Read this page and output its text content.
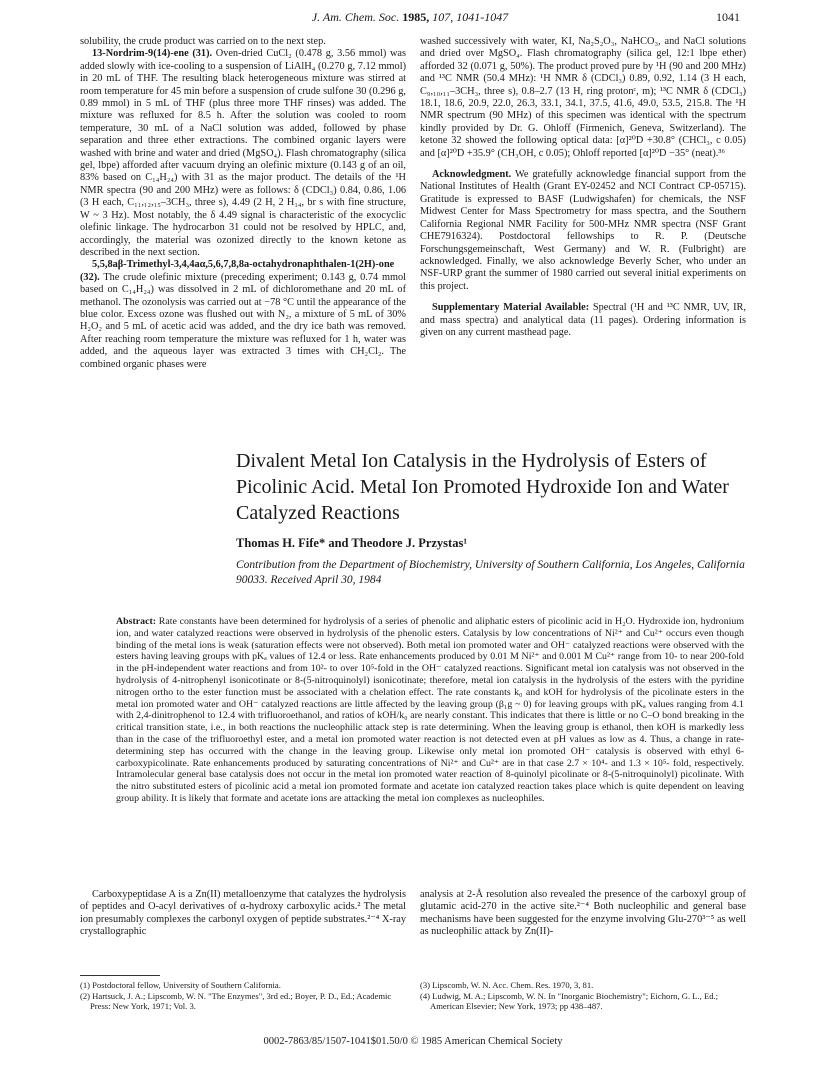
J. Am. Chem. Soc. 1985, 107, 1041-1047	1041

solubility, the crude product was carried on to the next step.

13-Nordrim-9(14)-ene (31). Oven-dried CuCl₂ (0.478 g, 3.56 mmol) was added slowly with ice-cooling to a suspension of LiAlH₄ (0.270 g, 7.12 mmol) in 20 mL of THF. The resulting black heterogeneous mixture was stirred at room temperature for 45 min before a suspension of crude sulfone 30 (0.296 g, 0.89 mmol) in 5 mL of THF (plus three more THF rinses) was added. The mixture was refluxed for 8.5 h. After the solution was cooled to room temperature, 30 mL of a NaCl solution was added, followed by phase separation and three ether extractions. The combined organic layers were washed with brine and water and dried (MgSO₄). Flash chromatography (silica gel, lbpe) afforded after vacuum drying an olefinic mixture (0.143 g of an oil, 83% based on C₁₄H₂₄) with 31 as the major product. The details of the ¹H NMR spectra (90 and 200 MHz) were as follows: δ (CDCl₃) 0.84, 0.86, 1.06 (3 H each, C₁₁,₁₂,₁₅–3CH₃, three s), 4.49 (2 H, 2 H₁₄, br s with fine structure, W ~ 3 Hz). Most notably, the δ 4.49 signal is characteristic of the exocyclic olefinic linkage. The hydrocarbon 31 could not be resolved by HPLC, and, accordingly, the material was ozonized directly to the known ketone as described in the next section.

5,5,8aβ-Trimethyl-3,4,4aα,5,6,7,8,8a-octahydronaphthalen-1(2H)-one (32). The crude olefinic mixture (preceding experiment; 0.143 g, 0.74 mmol based on C₁₄H₂₄) was dissolved in 2 mL of dichloromethane and 20 mL of methanol. The ozonolysis was carried out at −78 °C until the appearance of the blue color. Excess ozone was flushed out with N₂, a mixture of 5 mL of 30% H₂O₂ and 5 mL of acetic acid was added, and the dry ice bath was removed. After reaching room temperature the mixture was refluxed for 1 h, water was added, and the aqueous layer was extracted 3 times with CH₂Cl₂. The combined organic phases were

washed successively with water, KI, Na₂S₂O₃, NaHCO₃, and NaCl solutions and dried over MgSO₄. Flash chromatography (silica gel, 12:1 lbpe ether) afforded 32 (0.071 g, 50%). The product proved pure by ¹H (90 and 200 MHz) and ¹³C NMR (50.4 MHz): ¹H NMR δ (CDCl₃) 0.89, 0.92, 1.14 (3 H each, C₉,₁₀,₁₁–3CH₃, three s), 0.8–2.7 (13 H, ring protonᶜ, m); ¹³C NMR δ (CDCl₃) 18.1, 18.6, 20.9, 22.0, 26.3, 33.1, 34.1, 37.5, 41.6, 49.0, 53.5, 215.8. The ¹H NMR spectrum (90 MHz) of this specimen was identical with the spectrum kindly provided by Dr. G. Ohloff (Firmenich, Geneva, Switzerland). The ketone 32 showed the following optical data: [α]²⁰D +30.8° (CHCl₃, c 0.05) and [α]²⁰D +35.9° (CH₃OH, c 0.05); Ohloff reported [α]²⁰D −35° (neat).³⁶

Acknowledgment. We gratefully acknowledge financial support from the National Institutes of Health (Grant EY-02452 and NCI Contract CP-05715). Gratitude is expressed to BASF (Ludwigshafen) for chemicals, the NSF Midwest Center for Mass Spectrometry for mass spectra, and the Southern California Regional NMR Facility for 500-MHz NMR spectra (NSF Grant CHE7916324). Postdoctoral fellowships to R. P. (Deutsche Forschungsgemeinschaft, West Germany) and W. R. (Fulbright) are acknowledged. Finally, we also acknowledge Beverly Scher, who under an NSF-URP grant the summer of 1980 carried out several initial experiments on this project.

Supplementary Material Available: Spectral (¹H and ¹³C NMR, UV, IR, and mass spectra) and analytical data (11 pages). Ordering information is given on any current masthead page.

Divalent Metal Ion Catalysis in the Hydrolysis of Esters of Picolinic Acid. Metal Ion Promoted Hydroxide Ion and Water Catalyzed Reactions
Thomas H. Fife* and Theodore J. Przystas¹
Contribution from the Department of Biochemistry, University of Southern California, Los Angeles, California 90033. Received April 30, 1984
Abstract: Rate constants have been determined for hydrolysis of a series of phenolic and aliphatic esters of picolinic acid in H₂O. Hydroxide ion, hydronium ion, and water catalyzed reactions were observed in hydrolysis of the phenolic esters. Catalysis by low concentrations of Ni²⁺ and Cu²⁺ occurs even though binding of the metal ions is weak (saturation effects were not observed). Both metal ion promoted water and OH⁻ catalyzed reactions were observed with the esters having leaving groups with pKₐ values of 12.4 or less. Rate enhancements produced by 0.01 M Ni²⁺ and 0.001 M Cu²⁺ range from 10- to near 200-fold in the pH-independent water reactions and from 10²- to over 10⁵-fold in the OH⁻ catalyzed reactions. Significant metal ion catalysis was not observed in the hydrolysis of 4-nitrophenyl isonicotinate or 8-(5-nitroquinolyl) isonicotinate; therefore, metal ion catalysis in the hydrolysis of the esters with the pyridine nitrogen ortho to the ester function must be associated with a chelation effect. The rate constants k₀ and kOH for hydrolysis of the picolinate esters in the metal ion promoted water and OH⁻ catalyzed reactions are little affected by the leaving group (β₁g ~ 0) for leaving groups with pKₐ values ranging from 4.1 with 2,4-dinitrophenol to 12.4 with trifluoroethanol, and ratios of kOH/k₀ are nearly constant. This indicates that there is little or no C–O bond breaking in the critical transition state, i.e., in both reactions the nucleophilic attack step is rate determining. When the leaving group is ethanol, then kOH is markedly less than in the case of the trifluoroethyl ester, and a metal ion promoted water reaction is not detected even at pH values as low as 4. Thus, a change in rate-determining step has occurred with the change in the leaving group. Likewise only metal ion promoted OH⁻ catalysis is observed with ethyl 6-carboxypicolinate. Rate enhancements produced by saturating concentrations of Ni²⁺ and Cu²⁺ are in that case 2.7 × 10⁴- and 1.3 × 10⁵- fold, respectively. Intramolecular general base catalysis does not occur in the metal ion promoted water reaction of 8-quinolyl picolinate or 8-(5-nitroquinolyl) picolinate. With the nitro substituted esters of picolinic acid a metal ion promoted formate and acetate ion catalyzed reaction takes place which is quite dependent on leaving group ability. It is likely that formate and acetate ions are attacking the metal ion complexes as nucleophiles.

Carboxypeptidase A is a Zn(II) metalloenzyme that catalyzes the hydrolysis of peptides and O-acyl derivatives of α-hydroxy carboxylic acids.² The metal ion presumably complexes the carbonyl oxygen of peptide substrates.²⁻⁴ X-ray crystallographic

analysis at 2-Å resolution also revealed the presence of the carboxyl group of glutamic acid-270 in the active site.²⁻⁴ Both nucleophilic and general base mechanisms have been suggested for the enzyme involving Glu-270³⁻⁵ as well as nucleophilic attack by Zn(II)-

(1) Postdoctoral fellow, University of Southern California.

(2) Hartsuck, J. A.; Lipscomb, W. N. "The Enzymes", 3rd ed.; Boyer, P. D., Ed.; Academic Press: New York, 1971; Vol. 3.

(3) Lipscomb, W. N. Acc. Chem. Res. 1970, 3, 81.

(4) Ludwig, M. A.; Lipscomb, W. N. In "Inorganic Biochemistry"; Eichorn, G. L., Ed.; American Elsevier; New York, 1973; pp 438–487.

0002-7863/85/1507-1041$01.50/0 © 1985 American Chemical Society
